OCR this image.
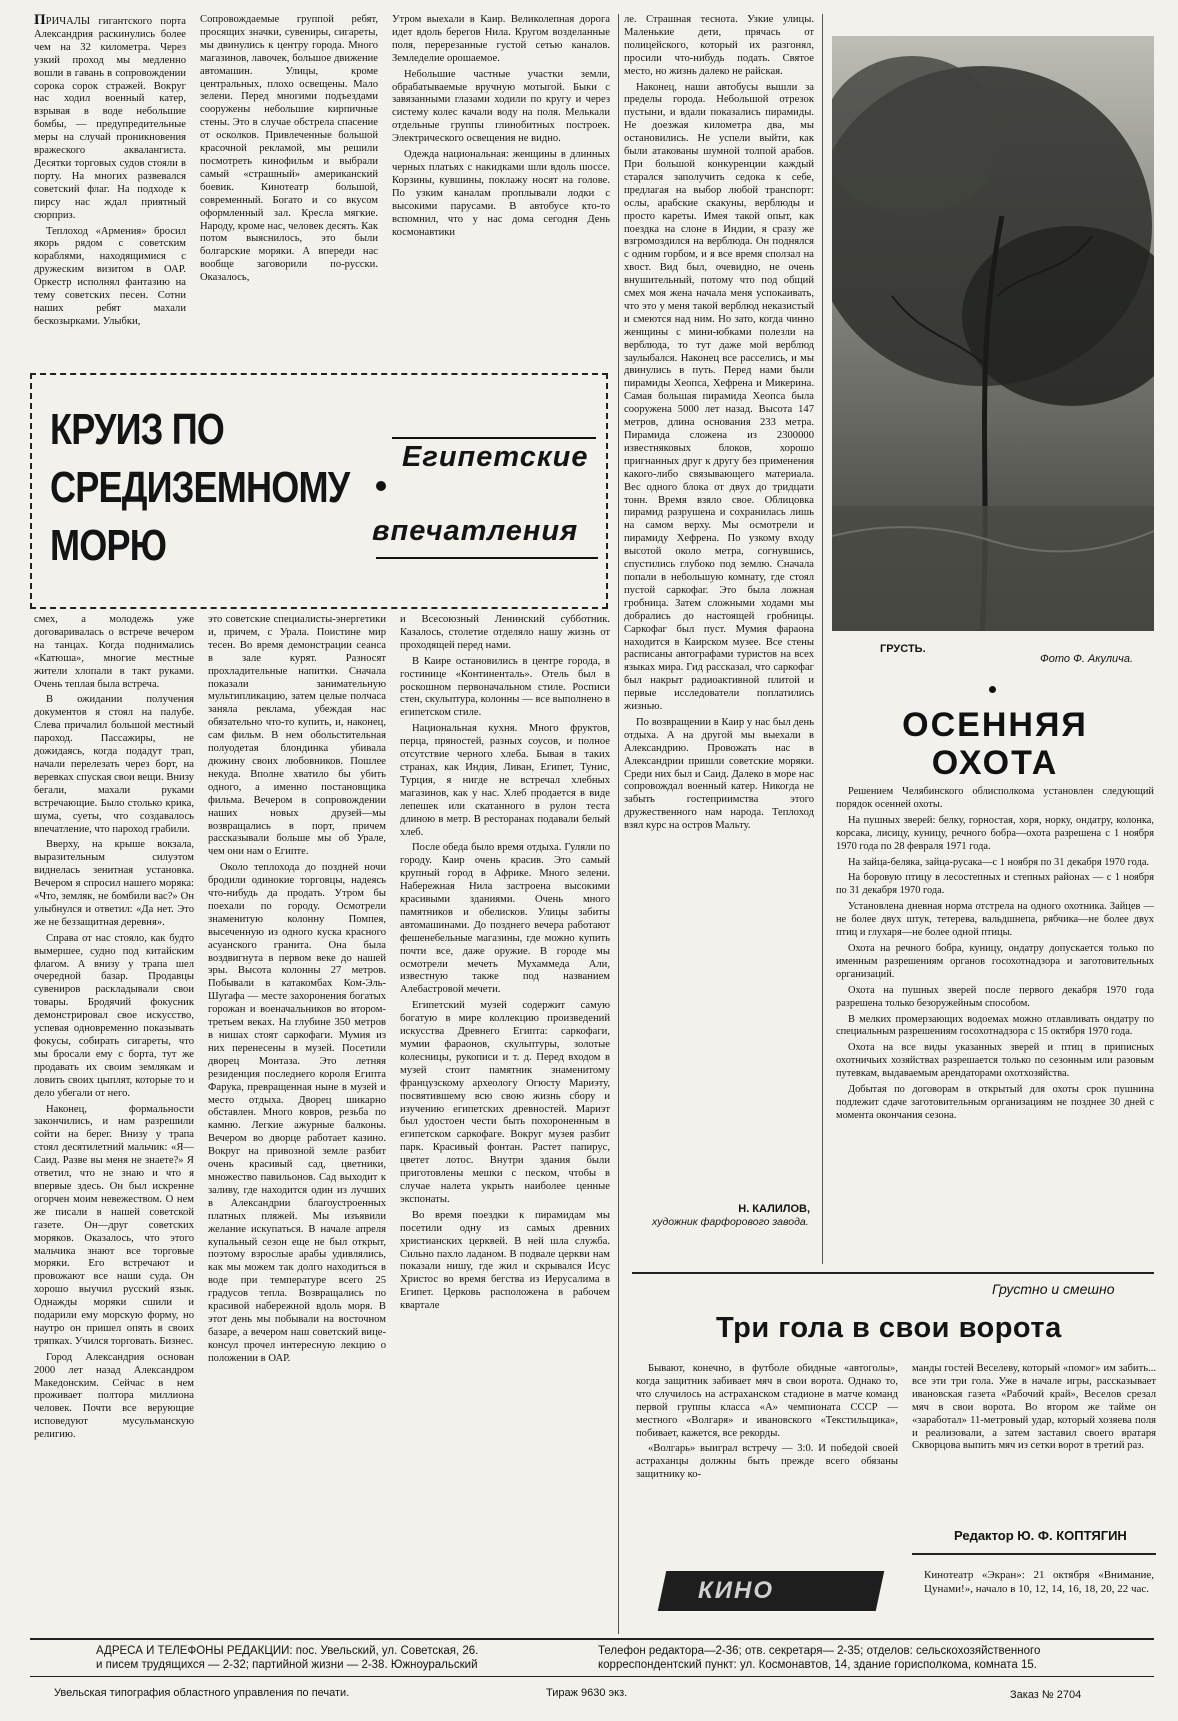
ПРИЧАЛЫ гигантского порта Александрия раскинулись более чем на 32 километра. Через узкий проход мы медленно вошли в гавань в сопровождении сорока сорок стражей. Вокруг нас ходил военный катер, взрывая в воде небольшие бомбы, — предупредительные меры на случай проникновения вражеского аквалангиста. Десятки торговых судов стояли в порту. На многих развевался советский флаг. На подходе к пирсу нас ждал приятный сюрприз.

Теплоход «Армения» бросил якорь рядом с советским кораблями, находящимися с дружеским визитом в ОАР. Оркестр исполнял фантазию на тему советских песен. Сотни наших ребят махали бескозырками. Улыбки,

Сопровождаемые группой ребят, просящих значки, сувениры, сигареты, мы двинулись к центру города. Много магазинов, лавочек, большое движение автомашин. Улицы, кроме центральных, плохо освещены. Мало зелени. Перед многими подъездами сооружены небольшие кирпичные стены. Это в случае обстрела спасение от осколков. Привлеченные большой красочной рекламой, мы решили посмотреть кинофильм и выбрали самый «страшный» американский боевик. Кинотеатр большой, современный. Богато и со вкусом оформленный зал. Кресла мягкие. Народу, кроме нас, человек десять. Как потом выяснилось, это были болгарские моряки. А впереди нас вообще заговорили по-русски. Оказалось,

Утром выехали в Каир. Великолепная дорога идет вдоль берегов Нила. Кругом возделанные поля, перерезанные густой сетью каналов. Земледелие орошаемое.

Небольшие частные участки земли, обрабатываемые вручную мотыгой. Быки с завязанными глазами ходили по кругу и через систему колес качали воду на поля. Мелькали отдельные группы глинобитных построек. Электрического освещения не видно.

Одежда национальная: женщины в длинных черных платьях с накидками шли вдоль шоссе. Корзины, кувшины, поклажу носят на голове. По узким каналам проплывали лодки с высокими парусами. В автобусе кто-то вспомнил, что у нас дома сегодня День космонавтики

КРУИЗ ПО
СРЕДИЗЕМНОМУ
МОРЮ
Египетские
впечатления

смех, а молодежь уже договаривалась о встрече вечером на танцах. Когда поднимались «Катюша», многие местные жители хлопали в такт руками. Очень теплая была встреча.

В ожидании получения документов я стоял на палубе. Слева причалил большой местный пароход. Пассажиры, не дожидаясь, когда подадут трап, начали перелезать через борт, на веревках спуская свои вещи. Внизу бегали, махали руками встречающие. Было столько крика, шума, суеты, что создавалось впечатление, что пароход грабили.

Вверху, на крыше вокзала, выразительным силуэтом виднелась зенитная установка. Вечером я спросил нашего моряка: «Что, земляк, не бомбили вас?» Он улыбнулся и ответил: «Да нет. Это же не беззащитная деревня».

Справа от нас стояло, как будто вымершее, судно под китайским флагом. А внизу у трапа шел очередной базар. Продавцы сувениров раскладывали свои товары. Бродячий фокусник демонстрировал свое искусство, успевая одновременно показывать фокусы, собирать сигареты, что мы бросали ему с борта, тут же продавать их своим землякам и ловить своих цыплят, которые то и дело убегали от него.

Наконец, формальности закончились, и нам разрешили сойти на берег. Внизу у трапа стоял десятилетний мальчик: «Я—Саид. Разве вы меня не знаете?» Я ответил, что не знаю и что я впервые здесь. Он был искренне огорчен моим невежеством. О нем же писали в нашей советской газете. Он—друг советских моряков. Оказалось, что этого мальчика знают все торговые моряки. Его встречают и провожают все наши суда. Он хорошо выучил русский язык. Однажды моряки сшили и подарили ему морскую форму, но наутро он пришел опять в своих тряпках. Учился торговать. Бизнес.

Город Александрия основан 2000 лет назад Александром Македонским. Сейчас в нем проживает полтора миллиона человек. Почти все верующие исповедуют мусульманскую религию.

это советские специалисты-энергетики и, причем, с Урала. Поистине мир тесен. Во время демонстрации сеанса в зале курят. Разносят прохладительные напитки. Сначала показали занимательную мультипликацию, затем целые полчаса заняла реклама, убеждая нас обязательно что-то купить, и, наконец, сам фильм. В нем обольстительная полуодетая блондинка убивала дюжину своих любовников. Пошлее некуда. Вполне хватило бы убить одного, а именно постановщика фильма. Вечером в сопровождении наших новых друзей—мы возвращались в порт, причем рассказывали больше мы об Урале, чем они нам о Египте.

Около теплохода до поздней ночи бродили одинокие торговцы, надеясь что-нибудь да продать. Утром бы поехали по городу. Осмотрели знаменитую колонну Помпея, высеченную из одного куска красного асуанского гранита. Она была воздвигнута в первом веке до нашей эры. Высота колонны 27 метров. Побывали в катакомбах Ком-Эль-Шугафа — месте захоронения богатых горожан и военачальников во втором-третьем веках. На глубине 350 метров в нишах стоят саркофаги. Мумия из них перенесены в музей. Посетили дворец Монтаза. Это летняя резиденция последнего короля Египта Фарука, превращенная ныне в музей и место отдыха. Дворец шикарно обставлен. Много ковров, резьба по камню. Легкие ажурные балконы. Вечером во дворце работает казино. Вокруг на привозной земле разбит очень красивый сад, цветники, множество павильонов. Сад выходит к заливу, где находится один из лучших в Александрии благоустроенных платных пляжей. Мы изъявили желание искупаться. В начале апреля купальный сезон еще не был открыт, поэтому взрослые арабы удивлялись, как мы можем так долго находиться в воде при температуре всего 25 градусов тепла. Возвращались по красивой набережной вдоль моря. В этот день мы побывали на восточном базаре, а вечером наш советский вице-консул прочел интересную лекцию о положении в ОАР.

и Всесоюзный Ленинский субботник. Казалось, столетие отделяло нашу жизнь от проходящей перед нами.

В Каире остановились в центре города, в гостинице «Континенталь». Отель был в роскошном первоначальном стиле. Росписи стен, скульптура, колонны — все выполнено в египетском стиле.

Национальная кухня. Много фруктов, перца, пряностей, разных соусов, и полное отсутствие черного хлеба. Бывая в таких странах, как Индия, Ливан, Египет, Тунис, Турция, я нигде не встречал хлебных магазинов, как у нас. Хлеб продается в виде лепешек или скатанного в рулон теста длиною в метр. В ресторанах подавали белый хлеб.

После обеда было время отдыха. Гуляли по городу. Каир очень красив. Это самый крупный город в Африке. Много зелени. Набережная Нила застроена высокими красивыми зданиями. Очень много памятников и обелисков. Улицы забиты автомашинами. До позднего вечера работают фешенебельные магазины, где можно купить почти все, даже оружие. В городе мы осмотрели мечеть Мухаммеда Али, известную также под названием Алебастровой мечети.

Египетский музей содержит самую богатую в мире коллекцию произведений искусства Древнего Египта: саркофаги, мумии фараонов, скульптуры, золотые колесницы, рукописи и т. д. Перед входом в музей стоит памятник знаменитому французскому археологу Огюсту Мариэту, посвятившему всю свою жизнь сбору и изучению египетских древностей. Мариэт был удостоен чести быть похороненным в египетском саркофаге. Вокруг музея разбит парк. Красивый фонтан. Растет папирус, цветет лотос. Внутри здания были приготовлены мешки с песком, чтобы в случае налета укрыть наиболее ценные экспонаты.

Во время поездки к пирамидам мы посетили одну из самых древних христианских церквей. В ней шла служба. Сильно пахло ладаном. В подвале церкви нам показали нишу, где жил и скрывался Исус Христос во время бегства из Иерусалима в Египет. Церковь расположена в рабочем квартале

ле. Страшная теснота. Узкие улицы. Маленькие дети, прячась от полицейского, который их разгонял, просили что-нибудь подать. Святое место, но жизнь далеко не райская.

Наконец, наши автобусы вышли за пределы города. Небольшой отрезок пустыни, и вдали показались пирамиды. Не доезжая километра два, мы остановились. Не успели выйти, как были атакованы шумной толпой арабов. При большой конкуренции каждый старался заполучить седока к себе, предлагая на выбор любой транспорт: ослы, арабские скакуны, верблюды и просто кареты. Имея такой опыт, как поездка на слоне в Индии, я сразу же взгромоздился на верблюда. Он поднялся с одним горбом, и я все время сползал на хвост. Вид был, очевидно, не очень внушительный, потому что под общий смех моя жена начала меня успокаивать, что это у меня такой верблюд неказистый и смеются над ним. Но зато, когда чинно женщины с мини-юбками полезли на верблюда, то тут даже мой верблюд заулыбался. Наконец все расселись, и мы двинулись в путь. Перед нами были пирамиды Хеопса, Хефрена и Микерина. Самая большая пирамида Хеопса была сооружена 5000 лет назад. Высота 147 метров, длина основания 233 метра. Пирамида сложена из 2300000 известняковых блоков, хорошо пригнанных друг к другу без применения какого-либо связывающего материала. Вес одного блока от двух до тридцати тонн. Время взяло свое. Облицовка пирамид разрушена и сохранилась лишь на самом верху. Мы осмотрели и пирамиду Хефрена. По узкому входу высотой около метра, согнувшись, спустились глубоко под землю. Сначала попали в небольшую комнату, где стоял пустой саркофаг. Это была ложная гробница. Затем сложными ходами мы добрались до настоящей гробницы. Саркофаг был пуст. Мумия фараона находится в Каирском музее. Все стены расписаны автографами туристов на всех языках мира. Гид рассказал, что саркофаг был накрыт радиоактивной плитой и первые исследователи поплатились жизнью.

По возвращении в Каир у нас был день отдыха. А на другой мы выехали в Александрию. Провожать нас в Александрии пришли советские моряки. Среди них был и Саид. Далеко в море нас сопровождал военный катер. Никогда не забыть гостеприимства этого дружественного нам народа. Теплоход взял курс на остров Мальту.

Н. КАЛИЛОВ,
художник фарфорового завода.
ГРУСТЬ.
Фото Ф. Акулича.
ОСЕННЯЯ
ОХОТА

Решением Челябинского облисполкома установлен следующий порядок осенней охоты.

На пушных зверей: белку, горностая, хоря, норку, ондатру, колонка, корсака, лисицу, куницу, речного бобра—охота разрешена с 1 ноября 1970 года по 28 февраля 1971 года.

На зайца-беляка, зайца-русака—с 1 ноября по 31 декабря 1970 года.

На боровую птицу в лесостепных и степных районах — с 1 ноября по 31 декабря 1970 года.

Установлена дневная норма отстрела на одного охотника. Зайцев — не более двух штук, тетерева, вальдшнепа, рябчика—не более двух птиц и глухаря—не более одной птицы.

Охота на речного бобра, куницу, ондатру допускается только по именным разрешениям органов госохотнадзора и заготовительных организаций.

Охота на пушных зверей после первого декабря 1970 года разрешена только безоружейным способом.

В мелких промерзающих водоемах можно отлавливать ондатру по специальным разрешениям госохотнадзора с 15 октября 1970 года.

Охота на все виды указанных зверей и птиц в приписных охотничьих хозяйствах разрешается только по сезонным или разовым путевкам, выдаваемым арендаторами охотхозяйства.

Добытая по договорам в открытый для охоты срок пушнина подлежит сдаче заготовительным организациям не позднее 30 дней с момента окончания сезона.

Грустно и смешно
Три гола в свои ворота

Бывают, конечно, в футболе обидные «автоголы», когда защитник забивает мяч в свои ворота. Однако то, что случилось на астраханском стадионе в матче команд первой группы класса «А» чемпионата СССР — местного «Волгаря» и ивановского «Текстильщика», побивает, кажется, все рекорды.

«Волгарь» выиграл встречу — 3:0. И победой своей астраханцы должны быть прежде всего обязаны защитнику ко-

манды гостей Веселеву, который «помог» им забить... все эти три гола. Уже в начале игры, рассказывает ивановская газета «Рабочий край», Веселов срезал мяч в свои ворота. Во втором же тайме он «заработал» 11-метровый удар, который хозяева поля и реализовали, а затем заставил своего вратаря Скворцова выпить мяч из сетки ворот в третий раз.

Редактор Ю. Ф. КОПТЯГИН
КИНО

Кинотеатр «Экран»: 21 октября «Внимание, Цунами!», начало в 10, 12, 14, 16, 18, 20, 22 час.

АДРЕСА И ТЕЛЕФОНЫ РЕДАКЦИИ: пос. Увельский, ул. Советская, 26.
и писем трудящихся — 2-32; партийной жизни — 2-38. Южноуральский
Телефон редактора—2-36; отв. секретаря— 2-35; отделов: сельскохозяйственного
корреспондентский пункт: ул. Космонавтов, 14, здание горисполкома, комната 15.
Увельская типография областного управления по печати.	Тираж 9630 экз.	Заказ № 2704
